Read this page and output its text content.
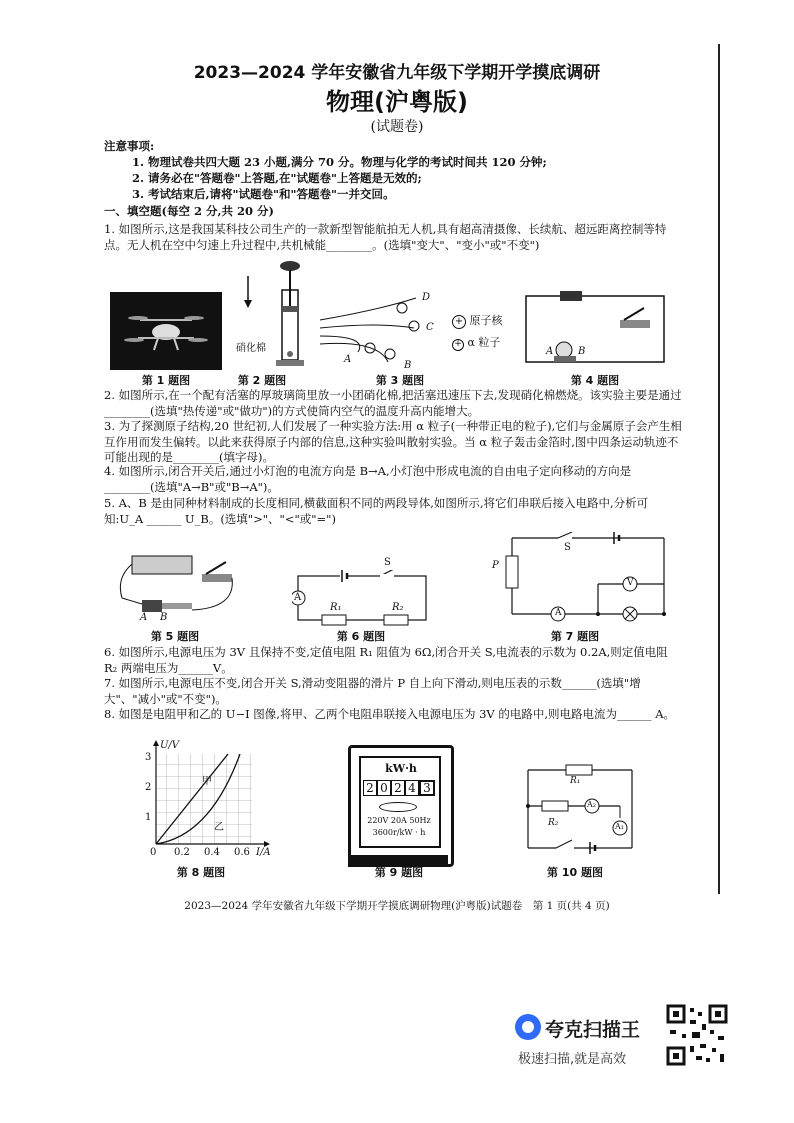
2023—2024 学年安徽省九年级下学期开学摸底调研
物理(沪粤版)
(试题卷)
注意事项:
1. 物理试卷共四大题 23 小题,满分 70 分。物理与化学的考试时间共 120 分钟;
2. 请务必在"答题卷"上答题,在"试题卷"上答题是无效的;
3. 考试结束后,请将"试题卷"和"答题卷"一并交回。
一、填空题(每空 2 分,共 20 分)
1. 如图所示,这是我国某科技公司生产的一款新型智能航拍无人机,具有超高清摄像、长续航、超远距离控制等特点。无人机在空中匀速上升过程中,共机械能________。(选填"变大"、"变小"或"不变")
第 1 题图
硝化棉
第 2 题图
D
C
A
B
第 3 题图
+ 原子核
+ α 粒子
A B
第 4 题图
2. 如图所示,在一个配有活塞的厚玻璃筒里放一小团硝化棉,把活塞迅速压下去,发现硝化棉燃烧。该实验主要是通过________(选填"热传递"或"做功")的方式使筒内空气的温度升高内能增大。
3. 为了探测原子结构,20 世纪初,人们发展了一种实验方法:用 α 粒子(一种带正电的粒子),它们与金属原子会产生相互作用而发生偏转。以此来获得原子内部的信息,这种实验叫散射实验。当 α 粒子轰击金箔时,图中四条运动轨迹不可能出现的是________(填字母)。
4. 如图所示,闭合开关后,通过小灯泡的电流方向是 B→A,小灯泡中形成电流的自由电子定向移动的方向是________(选填"A→B"或"B→A")。
5. A、B 是由同种材料制成的长度相同,横截面积不同的两段导体,如图所示,将它们串联后接入电路中,分析可知:U_A ______ U_B。(选填">"、"<"或"=")
A B
第 5 题图
S
A
R₁	R₂
第 6 题图
S
P
V
A
第 7 题图
6. 如图所示,电源电压为 3V 且保持不变,定值电阻 R₁ 阻值为 6Ω,闭合开关 S,电流表的示数为 0.2A,则定值电阻 R₂ 两端电压为______V。
7. 如图所示,电源电压不变,闭合开关 S,滑动变阻器的滑片 P 自上向下滑动,则电压表的示数______(选填"增大"、"减小"或"不变")。
8. 如图是电阻甲和乙的 U−I 图像,将甲、乙两个电阻串联接入电源电压为 3V 的电路中,则电路电流为______ A。
U/V
3
2
1
0 0.2 0.4 0.6 I/A
甲
乙
第 8 题图
kW·h
2 0 2 4 3
220V 20A 50Hz
3600r/kW · h
第 9 题图
R₁
R₂
A₂
A₁
第 10 题图
2023—2024 学年安徽省九年级下学期开学摸底调研物理(沪粤版)试题卷　第 1 页(共 4 页)
夸克扫描王
极速扫描,就是高效
